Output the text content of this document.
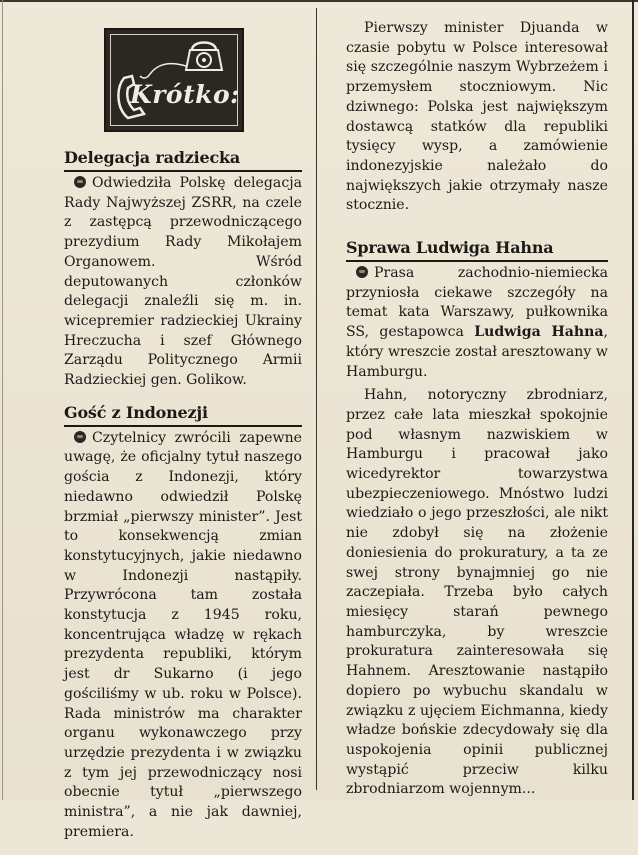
Krótko:
Delegacja radziecka

Odwiedziła Polskę delegacja Rady Najwyższej ZSRR, na czele z zastępcą przewodniczącego prezydium Rady Mikołajem Organowem. Wśród deputowanych członków delegacji znaleźli się m. in. wicepremier radzieckiej Ukrainy Hreczucha i szef Głównego Zarządu Politycznego Armii Radzieckiej gen. Golikow.

Gość z Indonezji

Czytelnicy zwrócili zapewne uwagę, że oficjalny tytuł naszego gościa z Indonezji, który niedawno odwiedził Polskę brzmiał „pierwszy minister”. Jest to konsekwencją zmian konstytucyjnych, jakie niedawno w Indonezji nastąpiły. Przywrócona tam została konstytucja z 1945 roku, koncentrująca władzę w rękach prezydenta republiki, którym jest dr Sukarno (i jego gościliśmy w ub. roku w Polsce). Rada ministrów ma charakter organu wykonawczego przy urzędzie prezydenta i w związku z tym jej przewodniczący nosi obecnie tytuł „pierwszego ministra”, a nie jak dawniej, premiera.

Pierwszy minister Djuanda w czasie pobytu w Polsce interesował się szczególnie naszym Wybrzeżem i przemysłem stoczniowym. Nic dziwnego: Polska jest największym dostawcą statków dla republiki tysięcy wysp, a zamówienie indonezyjskie należało do największych jakie otrzymały nasze stocznie.

Sprawa Ludwiga Hahna

Prasa zachodnio-niemiecka przyniosła ciekawe szczegóły na temat kata Warszawy, pułkownika SS, gestapowca Ludwiga Hahna, który wreszcie został aresztowany w Hamburgu.

Hahn, notoryczny zbrodniarz, przez całe lata mieszkał spokojnie pod własnym nazwiskiem w Hamburgu i pracował jako wicedyrektor towarzystwa ubezpieczeniowego. Mnóstwo ludzi wiedziało o jego przeszłości, ale nikt nie zdobył się na złożenie doniesienia do prokuratury, a ta ze swej strony bynajmniej go nie zaczepiała. Trzeba było całych miesięcy starań pewnego hamburczyka, by wreszcie prokuratura zainteresowała się Hahnem. Aresztowanie nastąpiło dopiero po wybuchu skandalu w związku z ujęciem Eichmanna, kiedy władze bońskie zdecydowały się dla uspokojenia opinii publicznej wystąpić przeciw kilku zbrodniarzom wojennym...
